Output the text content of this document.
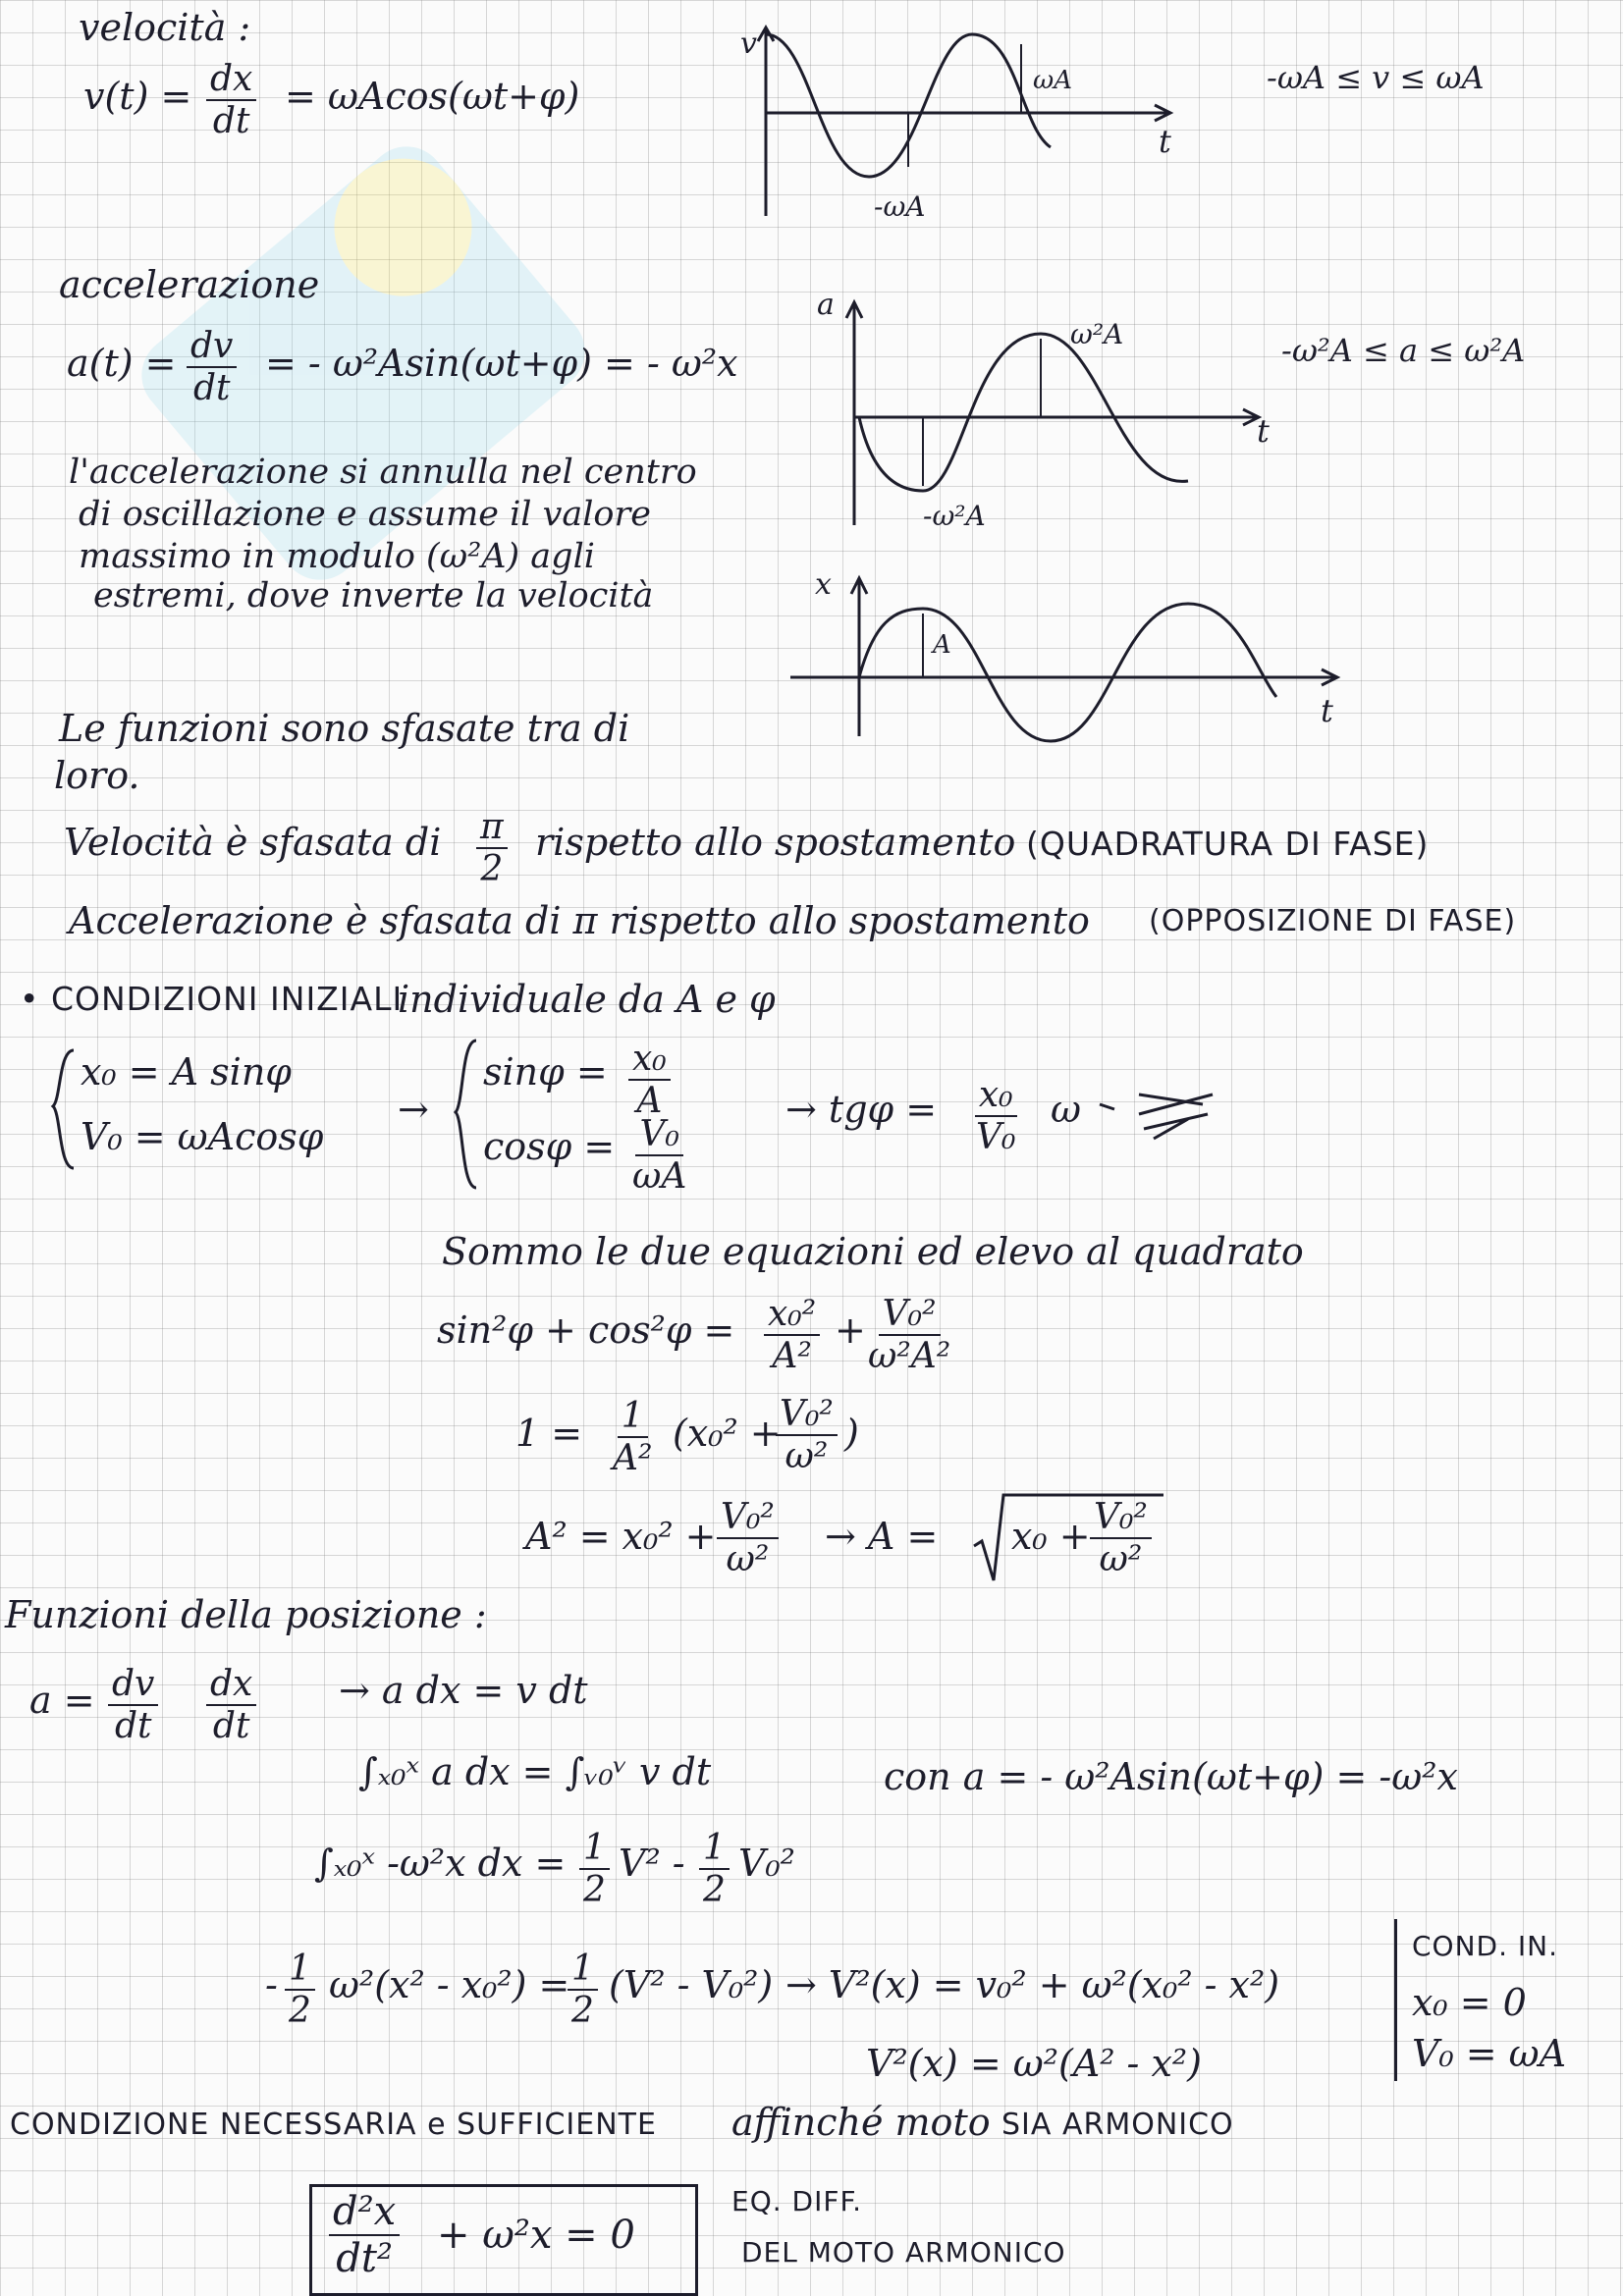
velocità :
$v(t) = \frac{dx}{dt} = \omega Acos(\omega t+\varphi)$	-ωA ≤ v ≤ ωA
v
t
ωA
-ωA
accelerazione
$a(t) = \frac{dv}{dt}$ = - ω²Asin(ωt+φ) = - ω²x	-ω²A ≤ a ≤ ω²A
a
t
ω²A
-ω²A
l'accelerazione si annulla nel centro
di oscillazione e assume il valore
massimo in modulo (ω²A) agli
estremi, dove inverte la velocità	x
t
A
Le funzioni sono sfasate tra di
loro.
Velocità è sfasata di $\frac{\pi}{2}$ rispetto allo spostamento (QUADRATURA DI FASE)
Accelerazione è sfasata di π rispetto allo spostamento (OPPOSIZIONE DI FASE)
• CONDIZIONI INIZIALI
individuale da A e φ
x₀ = A sinφ
V₀ = ωAcosφ
→
$\sin\varphi = \frac{\text{x₀}}{A}$
$\cos\varphi = \frac{\text{V₀}}{\omega A}$
→ $tg\varphi = \frac{\text{x₀}}{\text{V₀}}$ ω
Sommo le due equazioni ed elevo al quadrato
$\sin^2\varphi + \cos^2\varphi = \frac{\text{x₀²}}{\text{A²}}$ +
$\frac{\text{V₀²}}{\text{ω²A²}}$
$1 = \frac{1}{\text{A²}} (x_0^2$ +
$\frac{\text{V₀²}}{\text{ω²}}$ )
$A^2 = x_0^2 + \frac{\text{V₀²}}{\text{ω²}} \to A = x_0 + \frac{\text{V₀²}}{\text{ω²}}$
Funzioni della posizione :
$a = \frac{dv}{dt} \frac{dx}{dt} \to a$ dx = v dt
∫ₓ₀ˣ a dx = ∫ᵥ₀ᵛ v dt	con a = - ω²Asin(ωt+φ) = -ω²x
∫ₓ₀ˣ -ω²x dx = $\frac{1}{2} V^2 - \frac{1}{2} V_0^2$
- $\frac{1}{2} \omega^2(x^2 - x_0^2)$ =
$\frac{1}{2} (V^2 - V_0^2) \to V^2(x) = v_0^2 + \omega^2(x_0^2 - x^2)$
V²(x) = ω²(A² - x²)
COND. IN.
x₀ = 0
V₀ = ωA
CONDIZIONE NECESSARIA e SUFFICIENTE affinché moto SIA ARMONICO
$\frac{\text{d²x}}{\text{dt²}} + \omega^2x = 0$
EQ. DIFF.
DEL MOTO ARMONICO
